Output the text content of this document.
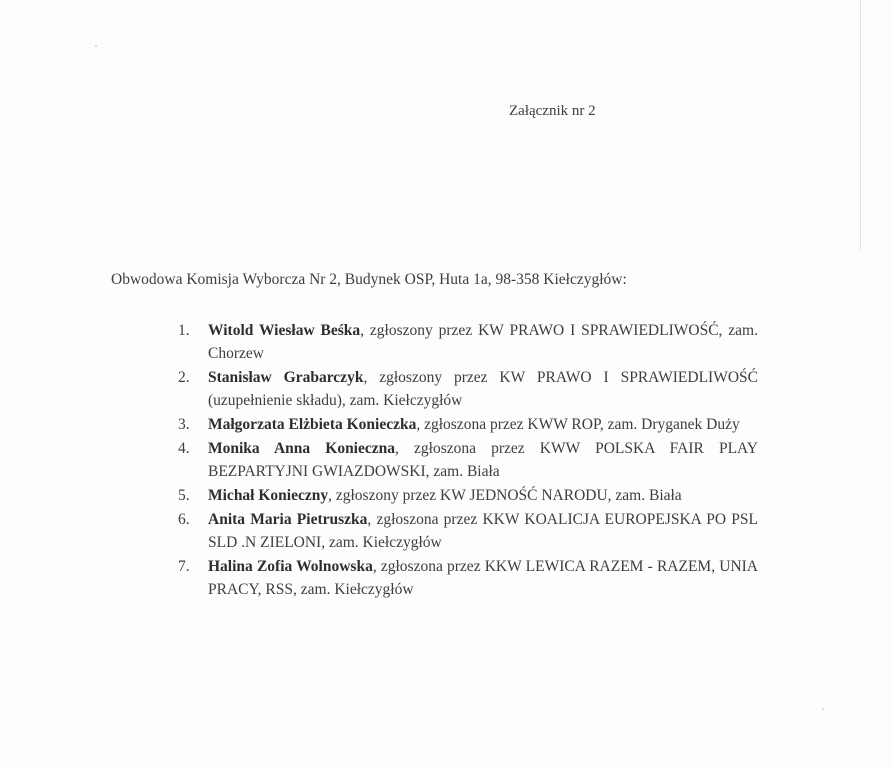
Załącznik nr 2
Obwodowa Komisja Wyborcza Nr 2, Budynek OSP, Huta 1a, 98-358 Kiełczygłów:
1.	Witold Wiesław Beśka, zgłoszony przez KW PRAWO I SPRAWIEDLIWOŚĆ, zam. Chorzew
2.	Stanisław Grabarczyk, zgłoszony przez KW PRAWO I SPRAWIEDLIWOŚĆ (uzupełnienie składu), zam. Kiełczygłów
3.	Małgorzata Elżbieta Konieczka, zgłoszona przez KWW ROP, zam. Dryganek Duży
4.	Monika Anna Konieczna, zgłoszona przez KWW POLSKA FAIR PLAY BEZPARTYJNI GWIAZDOWSKI, zam. Biała
5.	Michał Konieczny, zgłoszony przez KW JEDNOŚĆ NARODU, zam. Biała
6.	Anita Maria Pietruszka, zgłoszona przez KKW KOALICJA EUROPEJSKA PO PSL SLD .N ZIELONI, zam. Kiełczygłów
7.	Halina Zofia Wolnowska, zgłoszona przez KKW LEWICA RAZEM - RAZEM, UNIA PRACY, RSS, zam. Kiełczygłów
